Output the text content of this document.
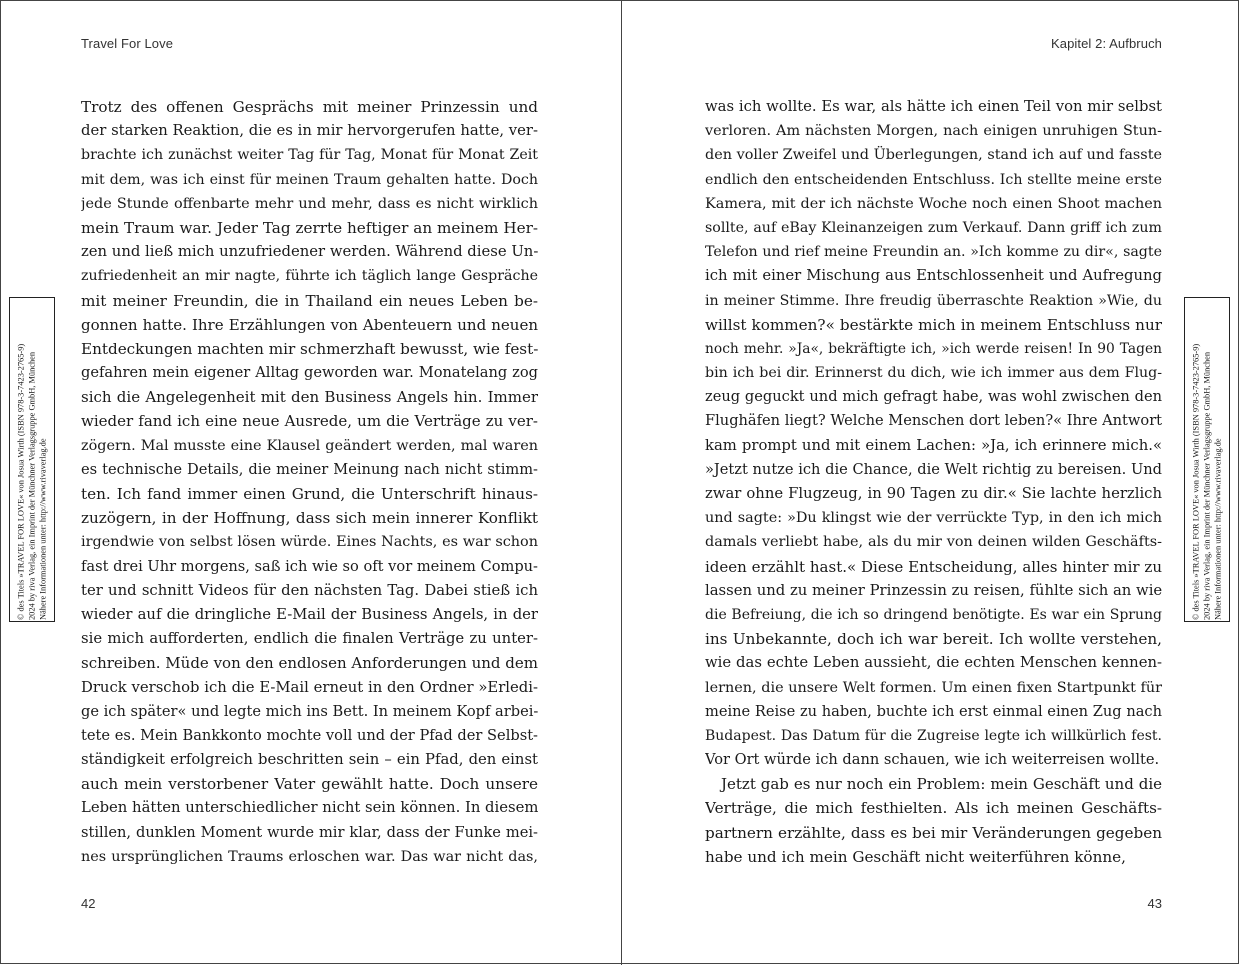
Travel For Love
© des Titels »TRAVEL FOR LOVE« von Josua Wirth (ISBN 978-3-7423-2765-9) 2024 by riva Verlag, ein Imprint der Münchner Verlagsgruppe GmbH, München Nähere Informationen unter: http://www.rivaverlag.de
Trotz des offenen Gesprächs mit meiner Prinzessin und
der starken Reaktion, die es in mir hervorgerufen hatte, ver-
brachte ich zunächst weiter Tag für Tag, Monat für Monat Zeit
mit dem, was ich einst für meinen Traum gehalten hatte. Doch
jede Stunde offenbarte mehr und mehr, dass es nicht wirklich
mein Traum war. Jeder Tag zerrte heftiger an meinem Her-
zen und ließ mich unzufriedener werden. Während diese Un-
zufriedenheit an mir nagte, führte ich täglich lange Gespräche
mit meiner Freundin, die in Thailand ein neues Leben be-
gonnen hatte. Ihre Erzählungen von Abenteuern und neuen
Entdeckungen machten mir schmerzhaft bewusst, wie fest-
gefahren mein eigener Alltag geworden war. Monatelang zog
sich die Angelegenheit mit den Business Angels hin. Immer
wieder fand ich eine neue Ausrede, um die Verträge zu ver-
zögern. Mal musste eine Klausel geändert werden, mal waren
es technische Details, die meiner Meinung nach nicht stimm-
ten. Ich fand immer einen Grund, die Unterschrift hinaus-
zuzögern, in der Hoffnung, dass sich mein innerer Konflikt
irgendwie von selbst lösen würde. Eines Nachts, es war schon
fast drei Uhr morgens, saß ich wie so oft vor meinem Compu-
ter und schnitt Videos für den nächsten Tag. Dabei stieß ich
wieder auf die dringliche E-Mail der Business Angels, in der
sie mich aufforderten, endlich die finalen Verträge zu unter-
schreiben. Müde von den endlosen Anforderungen und dem
Druck verschob ich die E-Mail erneut in den Ordner »Erledi-
ge ich später« und legte mich ins Bett. In meinem Kopf arbei-
tete es. Mein Bankkonto mochte voll und der Pfad der Selbst-
ständigkeit erfolgreich beschritten sein – ein Pfad, den einst
auch mein verstorbener Vater gewählt hatte. Doch unsere
Leben hätten unterschiedlicher nicht sein können. In diesem
stillen, dunklen Moment wurde mir klar, dass der Funke mei-
nes ursprünglichen Traums erloschen war. Das war nicht das,
42
Kapitel 2: Aufbruch
© des Titels »TRAVEL FOR LOVE« von Josua Wirth (ISBN 978-3-7423-2765-9) 2024 by riva Verlag, ein Imprint der Münchner Verlagsgruppe GmbH, München Nähere Informationen unter: http://www.rivaverlag.de
was ich wollte. Es war, als hätte ich einen Teil von mir selbst
verloren. Am nächsten Morgen, nach einigen unruhigen Stun-
den voller Zweifel und Überlegungen, stand ich auf und fasste
endlich den entscheidenden Entschluss. Ich stellte meine erste
Kamera, mit der ich nächste Woche noch einen Shoot machen
sollte, auf eBay Kleinanzeigen zum Verkauf. Dann griff ich zum
Telefon und rief meine Freundin an. »Ich komme zu dir«, sagte
ich mit einer Mischung aus Entschlossenheit und Aufregung
in meiner Stimme. Ihre freudig überraschte Reaktion »Wie, du
willst kommen?« bestärkte mich in meinem Entschluss nur
noch mehr. »Ja«, bekräftigte ich, »ich werde reisen! In 90 Tagen
bin ich bei dir. Erinnerst du dich, wie ich immer aus dem Flug-
zeug geguckt und mich gefragt habe, was wohl zwischen den
Flughäfen liegt? Welche Menschen dort leben?« Ihre Antwort
kam prompt und mit einem Lachen: »Ja, ich erinnere mich.«
»Jetzt nutze ich die Chance, die Welt richtig zu bereisen. Und
zwar ohne Flugzeug, in 90 Tagen zu dir.« Sie lachte herzlich
und sagte: »Du klingst wie der verrückte Typ, in den ich mich
damals verliebt habe, als du mir von deinen wilden Geschäfts-
ideen erzählt hast.« Diese Entscheidung, alles hinter mir zu
lassen und zu meiner Prinzessin zu reisen, fühlte sich an wie
die Befreiung, die ich so dringend benötigte. Es war ein Sprung
ins Unbekannte, doch ich war bereit. Ich wollte verstehen,
wie das echte Leben aussieht, die echten Menschen kennen-
lernen, die unsere Welt formen. Um einen fixen Startpunkt für
meine Reise zu haben, buchte ich erst einmal einen Zug nach
Budapest. Das Datum für die Zugreise legte ich willkürlich fest.
Vor Ort würde ich dann schauen, wie ich weiterreisen wollte.
Jetzt gab es nur noch ein Problem: mein Geschäft und die
Verträge, die mich festhielten. Als ich meinen Geschäfts-
partnern erzählte, dass es bei mir Veränderungen gegeben
habe und ich mein Geschäft nicht weiterführen könne,
43
